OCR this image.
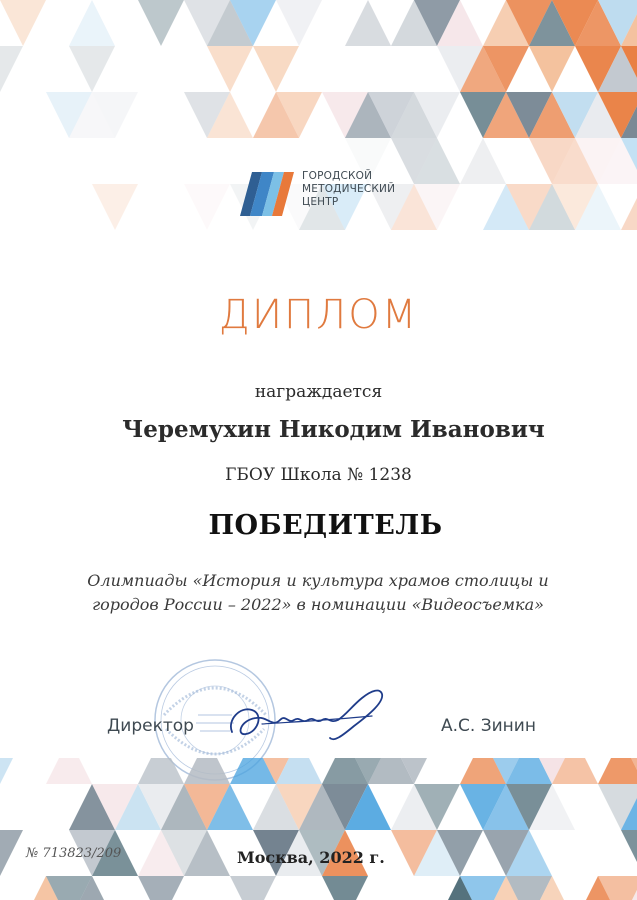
ГОРОДСКОЙ
МЕТОДИЧЕСКИЙ
ЦЕНТР
ДИПЛОМ
награждается
Черемухин Никодим Иванович
ГБОУ Школа № 1238
ПОБЕДИТЕЛЬ
Олимпиады «История и культура храмов столицы и
городов России – 2022» в номинации «Видеосъемка»
Директор	А.С. Зинин
№ 713823/209	Москва, 2022 г.
